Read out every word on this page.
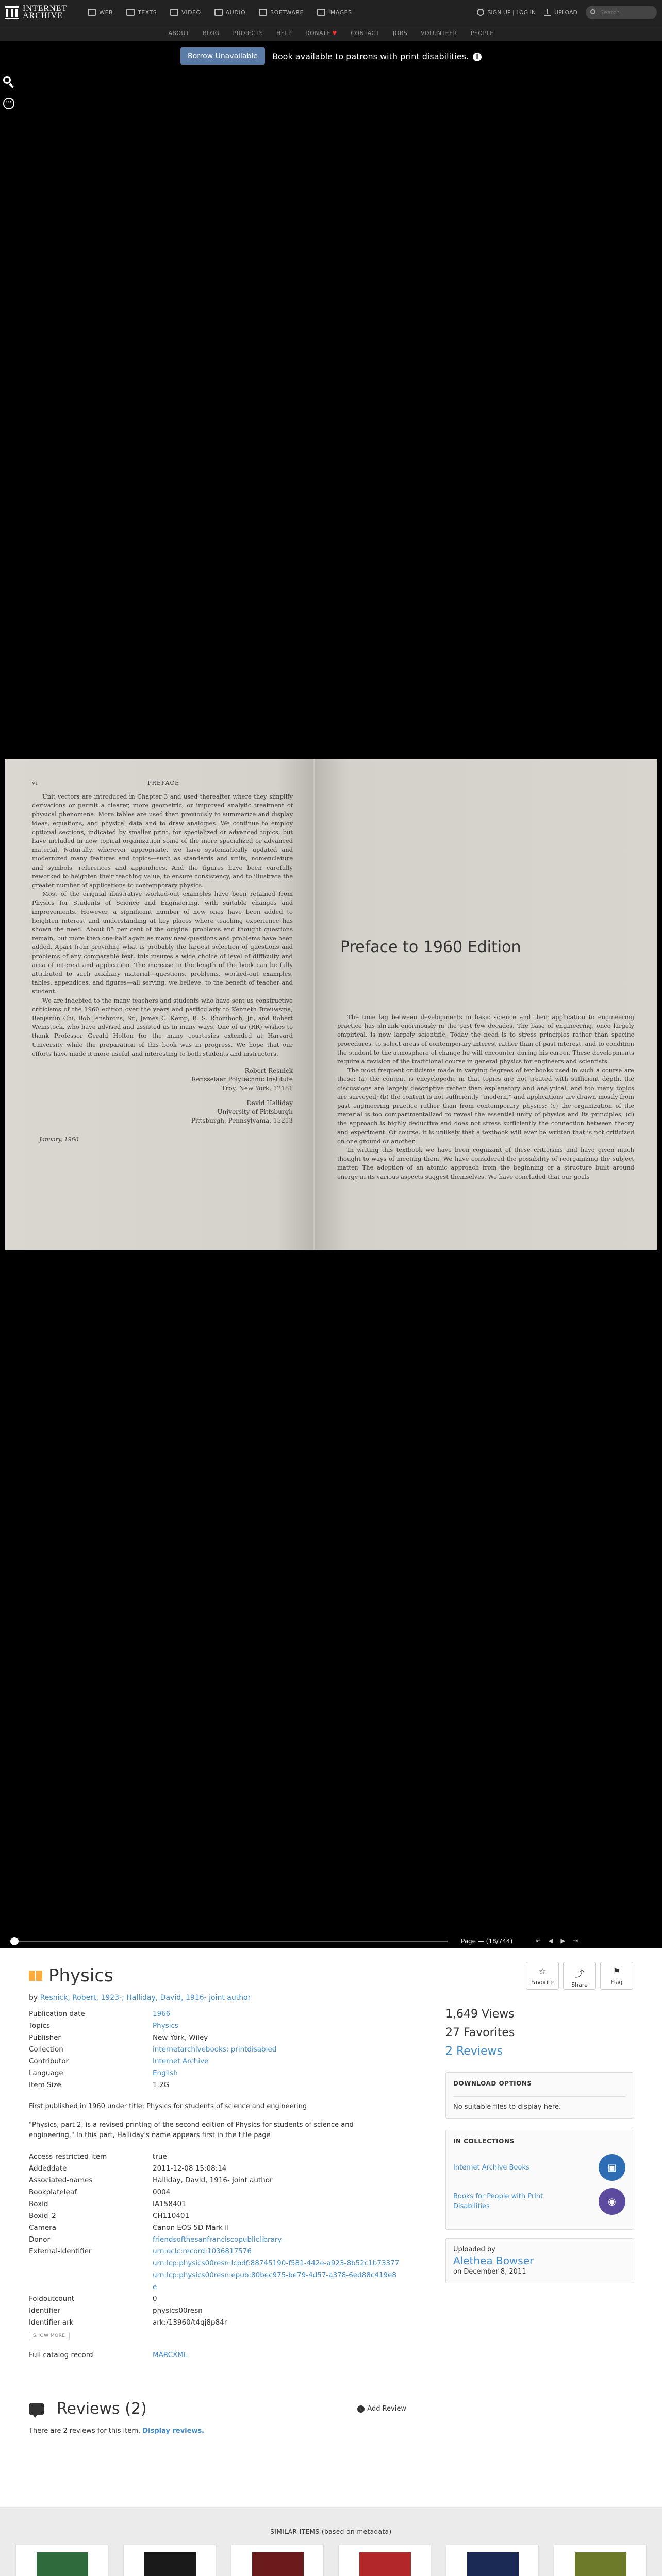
INTERNET
ARCHIVE	WEB	TEXTS	VIDEO	AUDIO	SOFTWARE	IMAGES	SIGN UP | LOG IN	UPLOAD
Search
ABOUT BLOG PROJECTS HELP DONATE ♥ CONTACT JOBS VOLUNTEER PEOPLE
Borrow Unavailable	Book available to patrons with print disabilities. i
···
vi	PREFACE

Unit vectors are introduced in Chapter 3 and used thereafter where they simplify derivations or permit a clearer, more geometric, or improved analytic treatment of physical phenomena. More tables are used than previously to summarize and display ideas, equations, and physical data and to draw analogies. We continue to employ optional sections, indicated by smaller print, for specialized or advanced topics, but have included in new topical organization some of the more specialized or advanced material. Naturally, wherever appropriate, we have systematically updated and modernized many features and topics—such as standards and units, nomenclature and symbols, references and appendices. And the figures have been carefully reworked to heighten their teaching value, to ensure consistency, and to illustrate the greater number of applications to contemporary physics.

Most of the original illustrative worked-out examples have been retained from Physics for Students of Science and Engineering, with suitable changes and improvements. However, a significant number of new ones have been added to heighten interest and understanding at key places where teaching experience has shown the need. About 85 per cent of the original problems and thought questions remain, but more than one-half again as many new questions and problems have been added. Apart from providing what is probably the largest selection of questions and problems of any comparable text, this insures a wide choice of level of difficulty and area of interest and application. The increase in the length of the book can be fully attributed to such auxiliary material—questions, problems, worked-out examples, tables, appendices, and figures—all serving, we believe, to the benefit of teacher and student.

We are indebted to the many teachers and students who have sent us constructive criticisms of the 1960 edition over the years and particularly to Kenneth Breuwsma, Benjamin Chi, Bob Jenshrons, Sr., James C. Kemp, R. S. Rhomboch, Jr., and Robert Weinstock, who have advised and assisted us in many ways. One of us (RR) wishes to thank Professor Gerald Holton for the many courtesies extended at Harvard University while the preparation of this book was in progress. We hope that our efforts have made it more useful and interesting to both students and instructors.

Robert Resnick
Rensselaer Polytechnic Institute
Troy, New York, 12181
David Halliday
University of Pittsburgh
Pittsburgh, Pennsylvania, 15213
January, 1966
Preface to 1960 Edition

The time lag between developments in basic science and their application to engineering practice has shrunk enormously in the past few decades. The base of engineering, once largely empirical, is now largely scientific. Today the need is to stress principles rather than specific procedures, to select areas of contemporary interest rather than of past interest, and to condition the student to the atmosphere of change he will encounter during his career. These developments require a revision of the traditional course in general physics for engineers and scientists.

The most frequent criticisms made in varying degrees of textbooks used in such a course are these: (a) the content is encyclopedic in that topics are not treated with sufficient depth, the discussions are largely descriptive rather than explanatory and analytical, and too many topics are surveyed; (b) the content is not sufficiently “modern,” and applications are drawn mostly from past engineering practice rather than from contemporary physics; (c) the organization of the material is too compartmentalized to reveal the essential unity of physics and its principles; (d) the approach is highly deductive and does not stress sufficiently the connection between theory and experiment. Of course, it is unlikely that a textbook will ever be written that is not criticized on one ground or another.

In writing this textbook we have been cognizant of these criticisms and have given much thought to ways of meeting them. We have considered the possibility of reorganizing the subject matter. The adoption of an atomic approach from the beginning or a structure built around energy in its various aspects suggest themselves. We have concluded that our goals

Page — (18/744)	⇤	◀	▶	⇥
Physics	☆
Favorite
⤴
Share
⚑
Flag
by Resnick, Robert, 1923-; Halliday, David, 1916- joint author
Publication date	1966
Topics	Physics
Publisher	New York, Wiley
Collection	internetarchivebooks; printdisabled
Contributor	Internet Archive
Language	English
Item Size	1.2G
First published in 1960 under title: Physics for students of science and engineering
"Physics, part 2, is a revised printing of the second edition of Physics for students of science and engineering." In this part, Halliday's name appears first in the title page
Access-restricted-item	true
Addeddate	2011-12-08 15:08:14
Associated-names	Halliday, David, 1916- joint author
Bookplateleaf	0004
Boxid	IA158401
Boxid_2	CH110401
Camera	Canon EOS 5D Mark II
Donor	friendsofthesanfranciscopubliclibrary
External-identifier	urn:oclc:record:1036817576
urn:lcp:physics00resn:lcpdf:88745190-f581-442e-a923-8b52c1b73377
urn:lcp:physics00resn:epub:80bec975-be79-4d57-a378-6ed88c419e8e
Foldoutcount	0
Identifier	physics00resn
Identifier-ark	ark:/13960/t4qj8p84r
SHOW MORE
Full catalog record	MARCXML
1,649 Views
27 Favorites
2 Reviews
DOWNLOAD OPTIONS
No suitable files to display here.
IN COLLECTIONS
Internet Archive Books	▣
Books for People with Print Disabilities	◉
Uploaded by
Alethea Bowser
on December 8, 2011
Reviews (2)	+ Add Review
There are 2 reviews for this item. Display reviews.
SIMILAR ITEMS (based on metadata)
